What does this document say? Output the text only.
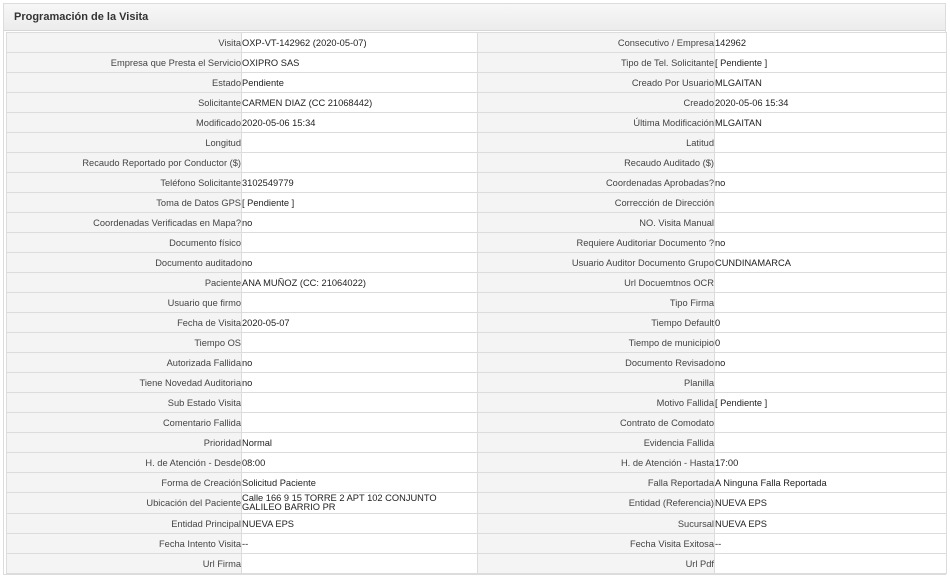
Programación de la Visita
Visita	OXP-VT-142962 (2020-05-07)	Consecutivo / Empresa	142962
Empresa que Presta el Servicio	OXIPRO SAS	Tipo de Tel. Solicitante	[ Pendiente ]
Estado	Pendiente	Creado Por Usuario	MLGAITAN
Solicitante	CARMEN DIAZ (CC 21068442)	Creado	2020-05-06 15:34
Modificado	2020-05-06 15:34	Última Modificación	MLGAITAN
Longitud		Latitud	
Recaudo Reportado por Conductor ($)		Recaudo Auditado ($)	
Teléfono Solicitante	3102549779	Coordenadas Aprobadas?	no
Toma de Datos GPS	[ Pendiente ]	Corrección de Dirección	
Coordenadas Verificadas en Mapa?	no	NO. Visita Manual	
Documento físico		Requiere Auditoriar Documento ?	no
Documento auditado	no	Usuario Auditor Documento Grupo	CUNDINAMARCA
Paciente	ANA MUÑOZ (CC: 21064022)	Url Docuemtnos OCR	
Usuario que firmo		Tipo Firma	
Fecha de Visita	2020-05-07	Tiempo Default	0
Tiempo OS		Tiempo de municipio	0
Autorizada Fallida	no	Documento Revisado	no
Tiene Novedad Auditoria	no	Planilla	
Sub Estado Visita		Motivo Fallida	[ Pendiente ]
Comentario Fallida		Contrato de Comodato	
Prioridad	Normal	Evidencia Fallida	
H. de Atención - Desde	08:00	H. de Atención - Hasta	17:00
Forma de Creación	Solicitud Paciente	Falla Reportada	A Ninguna Falla Reportada
Ubicación del Paciente	Calle 166 9 15 TORRE 2 APT 102 CONJUNTO GALILEO BARRIO PR	Entidad (Referencia)	NUEVA EPS
Entidad Principal	NUEVA EPS	Sucursal	NUEVA EPS
Fecha Intento Visita	--	Fecha Visita Exitosa	--
Url Firma		Url Pdf	
